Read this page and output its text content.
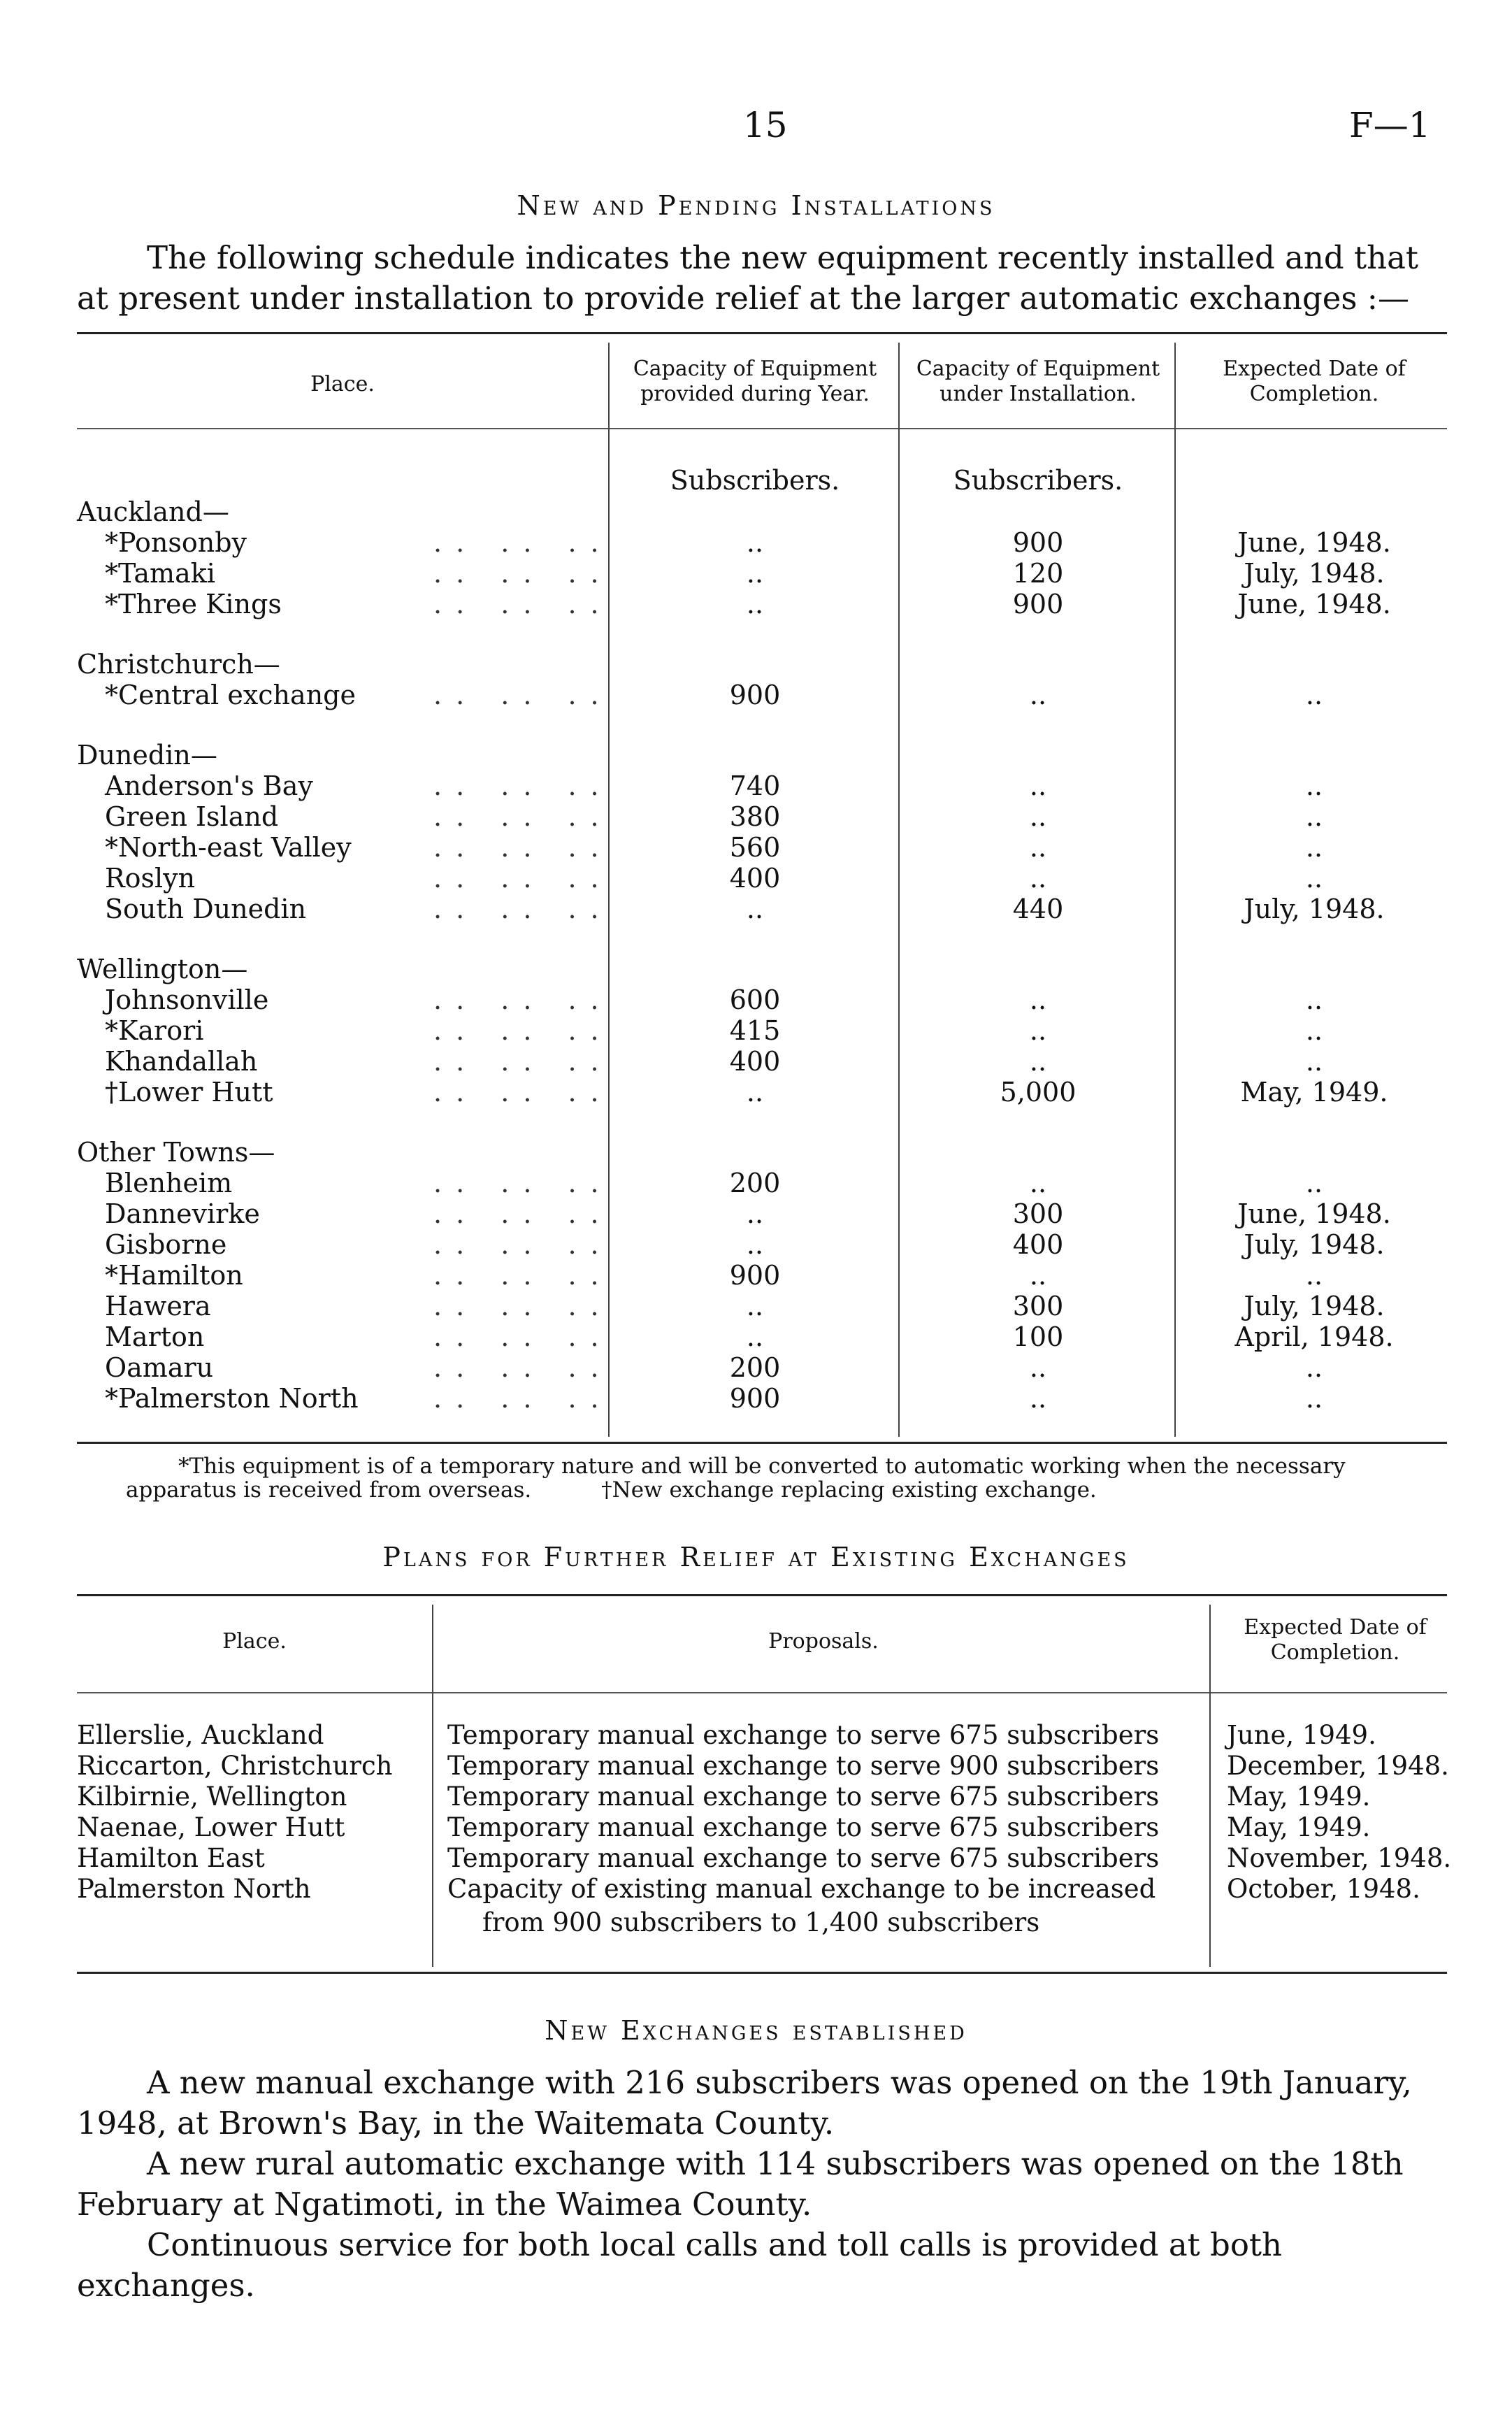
15	F—1
New and Pending Installations
The following schedule indicates the new equipment recently installed and that at present under installation to provide relief at the larger automatic exchanges :—
Place.
Capacity of Equipment provided during Year.
Capacity of Equipment under Installation.
Expected Date of Completion.
Subscribers.	Subscribers.
Auckland—
*Ponsonby	.. .. ..	..	900	June, 1948.
*Tamaki	.. .. ..	..	120	July, 1948.
*Three Kings	.. .. ..	..	900	June, 1948.
Christchurch—
*Central exchange	.. .. ..	900	..	..
Dunedin—
Anderson's Bay	.. .. ..	740	..	..
Green Island	.. .. ..	380	..	..
*North-east Valley	.. .. ..	560	..	..
Roslyn	.. .. ..	400	..	..
South Dunedin	.. .. ..	..	440	July, 1948.
Wellington—
Johnsonville	.. .. ..	600	..	..
*Karori	.. .. ..	415	..	..
Khandallah	.. .. ..	400	..	..
†Lower Hutt	.. .. ..	..	5,000	May, 1949.
Other Towns—
Blenheim	.. .. ..	200	..	..
Dannevirke	.. .. ..	..	300	June, 1948.
Gisborne	.. .. ..	..	400	July, 1948.
*Hamilton	.. .. ..	900	..	..
Hawera	.. .. ..	..	300	July, 1948.
Marton	.. .. ..	..	100	April, 1948.
Oamaru	.. .. ..	200	..	..
*Palmerston North	.. .. ..	900	..	..
*This equipment is of a temporary nature and will be converted to automatic working when the necessary apparatus is received from overseas.	†New exchange replacing existing exchange.
Plans for Further Relief at Existing Exchanges
Place.	Proposals.
Expected Date of Completion.
Ellerslie, Auckland	Temporary manual exchange to serve 675 subscribers	June, 1949.
Riccarton, Christchurch Temporary manual exchange to serve 900 subscribers	December, 1948.
Kilbirnie, Wellington	Temporary manual exchange to serve 675 subscribers	May, 1949.
Naenae, Lower Hutt	Temporary manual exchange to serve 675 subscribers	May, 1949.
Hamilton East	Temporary manual exchange to serve 675 subscribers	November, 1948.
Palmerston North	Capacity of existing manual exchange to be increased	October, 1948.
from 900 subscribers to 1,400 subscribers
New Exchanges established
A new manual exchange with 216 subscribers was opened on the 19th January, 1948, at Brown's Bay, in the Waitemata County.
A new rural automatic exchange with 114 subscribers was opened on the 18th February at Ngatimoti, in the Waimea County.
Continuous service for both local calls and toll calls is provided at both exchanges.
